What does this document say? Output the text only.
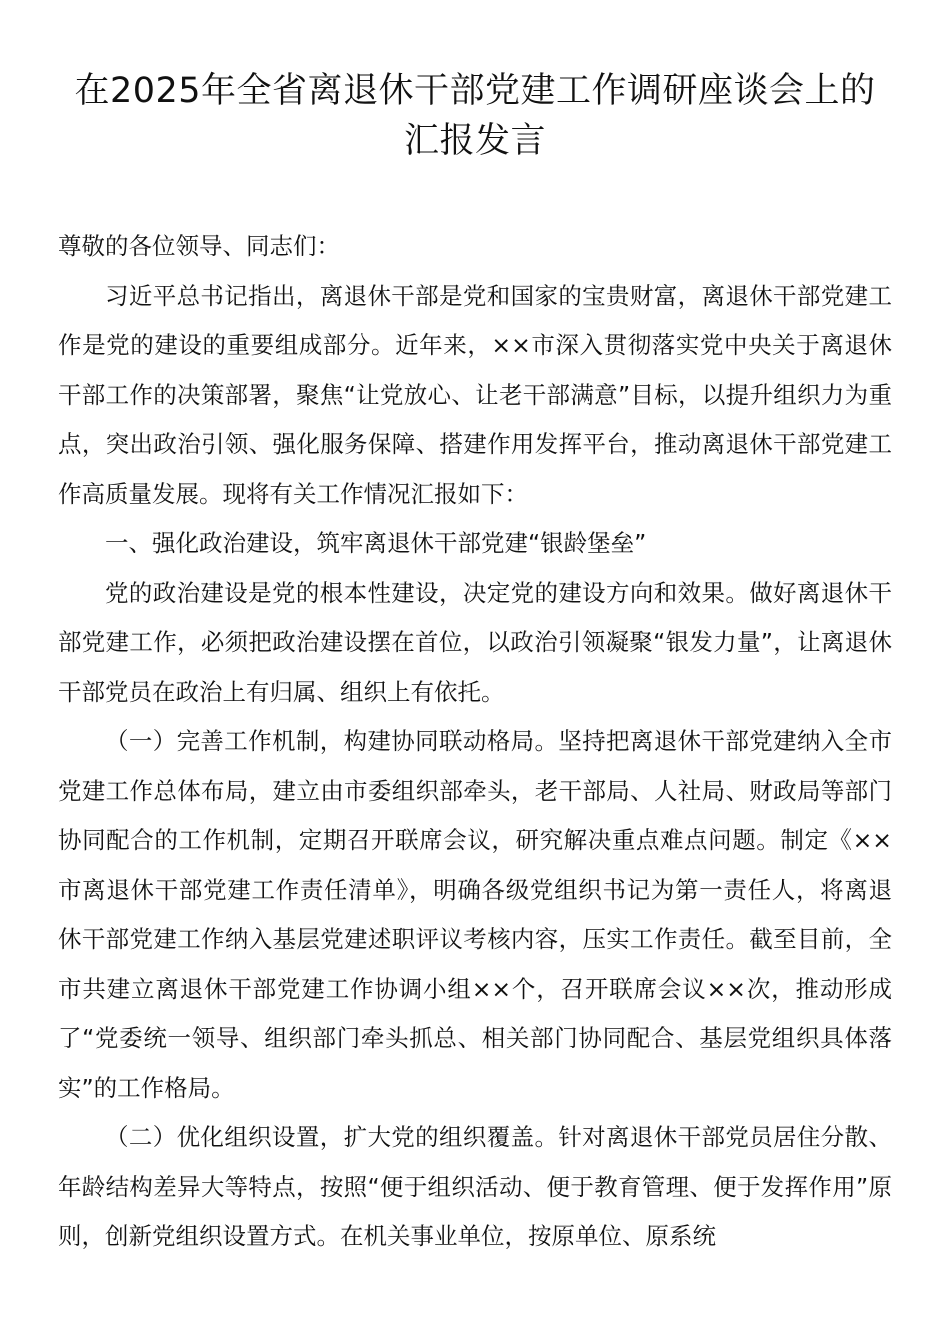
在2025年全省离退休干部党建工作调研座谈会上的
汇报发言

尊敬的各位领导、同志们：

习近平总书记指出，离退休干部是党和国家的宝贵财富，离退休干部党建工作是党的建设的重要组成部分。近年来，××市深入贯彻落实党中央关于离退休干部工作的决策部署，聚焦“让党放心、让老干部满意”目标，以提升组织力为重点，突出政治引领、强化服务保障、搭建作用发挥平台，推动离退休干部党建工作高质量发展。现将有关工作情况汇报如下：

一、强化政治建设，筑牢离退休干部党建“银龄堡垒”

党的政治建设是党的根本性建设，决定党的建设方向和效果。做好离退休干部党建工作，必须把政治建设摆在首位，以政治引领凝聚“银发力量”，让离退休干部党员在政治上有归属、组织上有依托。

（一）完善工作机制，构建协同联动格局。坚持把离退休干部党建纳入全市党建工作总体布局，建立由市委组织部牵头，老干部局、人社局、财政局等部门协同配合的工作机制，定期召开联席会议，研究解决重点难点问题。制定《××市离退休干部党建工作责任清单》，明确各级党组织书记为第一责任人，将离退休干部党建工作纳入基层党建述职评议考核内容，压实工作责任。截至目前，全市共建立离退休干部党建工作协调小组××个，召开联席会议××次，推动形成了“党委统一领导、组织部门牵头抓总、相关部门协同配合、基层党组织具体落实”的工作格局。

（二）优化组织设置，扩大党的组织覆盖。针对离退休干部党员居住分散、年龄结构差异大等特点，按照“便于组织活动、便于教育管理、便于发挥作用”原则，创新党组织设置方式。在机关事业单位，按原单位、原系统
